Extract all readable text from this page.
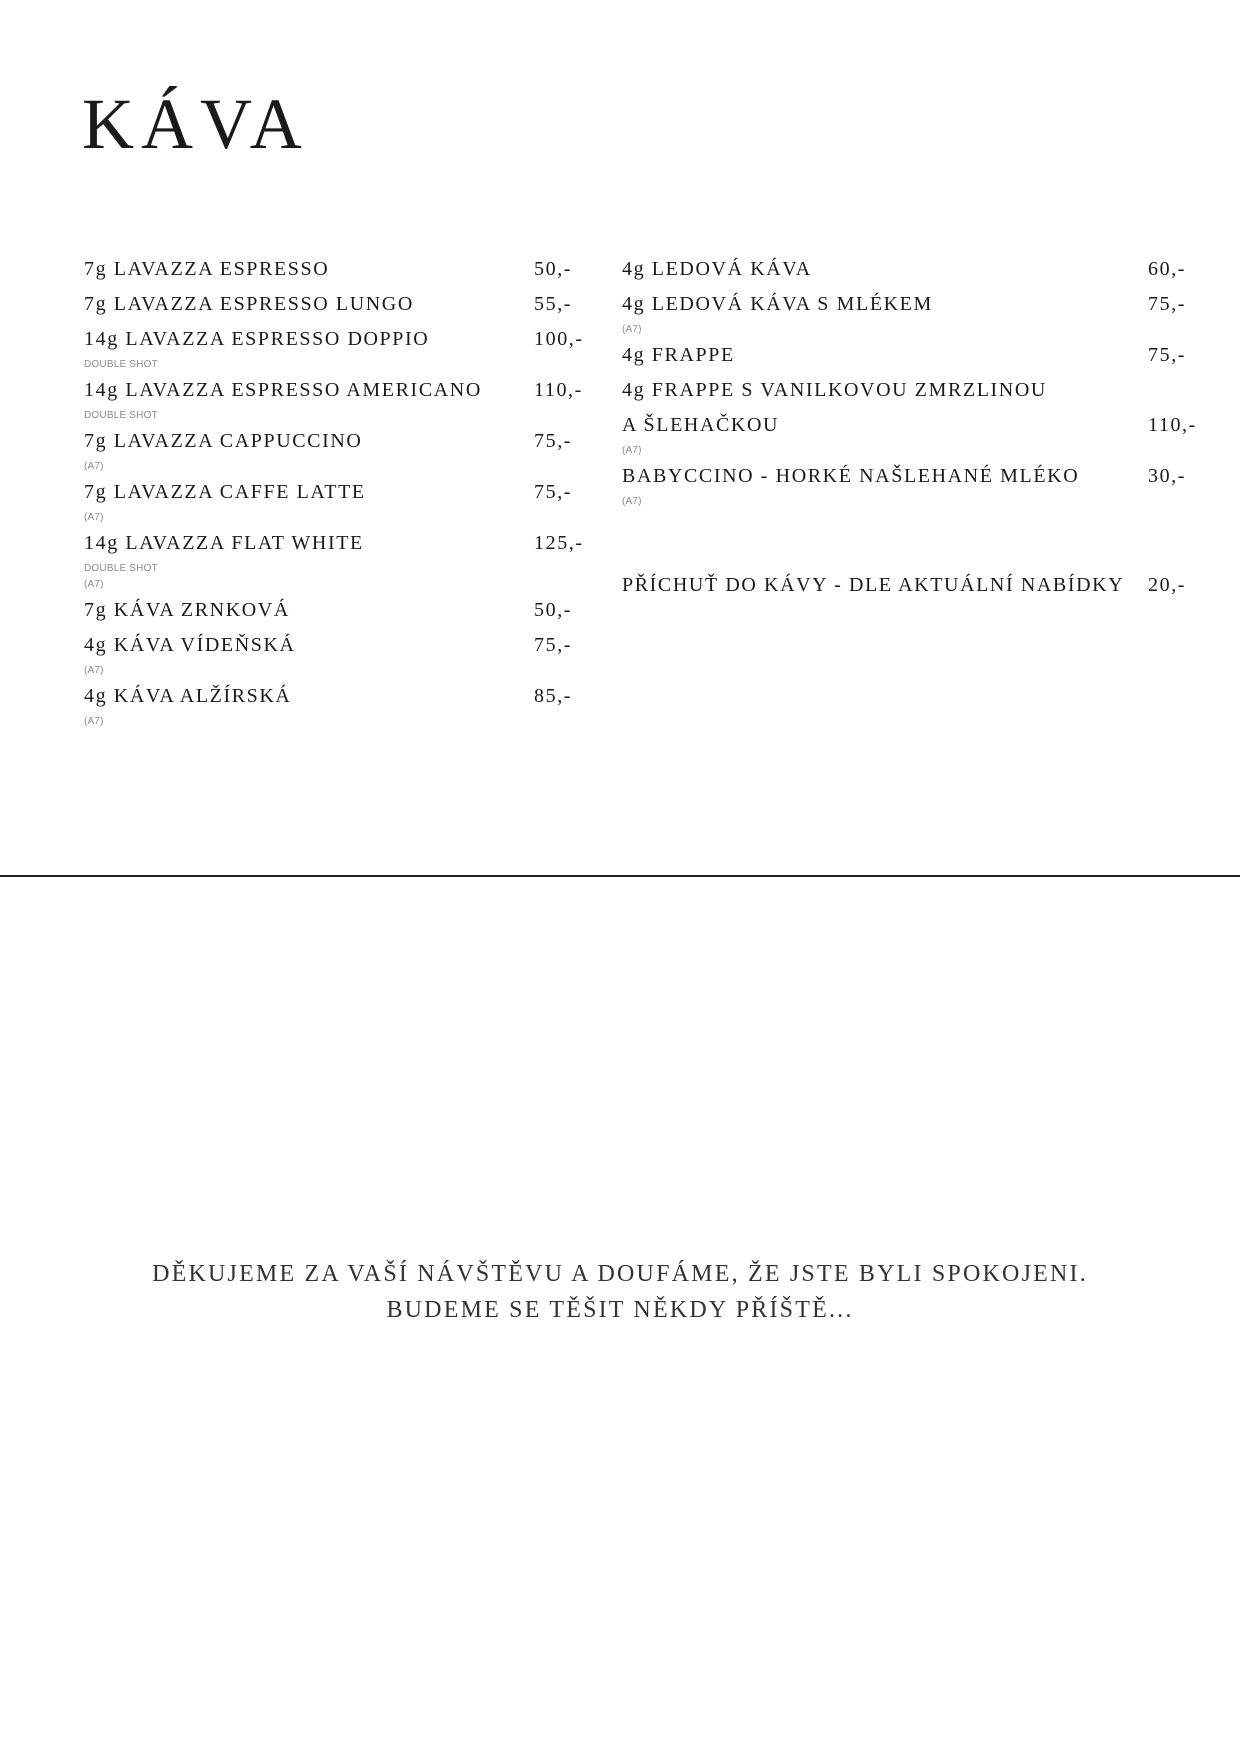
KÁVA
7g LAVAZZA ESPRESSO	50,-
7g LAVAZZA ESPRESSO LUNGO	55,-
14g LAVAZZA ESPRESSO DOPPIO	100,-
DOUBLE SHOT
14g LAVAZZA ESPRESSO AMERICANO	110,-
DOUBLE SHOT
7g LAVAZZA CAPPUCCINO	75,-
(A7)
7g LAVAZZA CAFFE LATTE	75,-
(A7)
14g LAVAZZA FLAT WHITE	125,-
DOUBLE SHOT
(A7)
7g KÁVA ZRNKOVÁ	50,-
4g KÁVA VÍDEŇSKÁ	75,-
(A7)
4g KÁVA ALŽÍRSKÁ	85,-
(A7)
4g LEDOVÁ KÁVA	60,-
4g LEDOVÁ KÁVA S MLÉKEM	75,-
(A7)
4g FRAPPE	75,-
4g FRAPPE S VANILKOVOU ZMRZLINOU
A ŠLEHAČKOU	110,-
(A7)
BABYCCINO - HORKÉ NAŠLEHANÉ MLÉKO	30,-
(A7)
PŘÍCHUŤ DO KÁVY - DLE AKTUÁLNÍ NABÍDKY 20,-
DĚKUJEME ZA VAŠÍ NÁVŠTĚVU A DOUFÁME, ŽE JSTE BYLI SPOKOJENI.
BUDEME SE TĚŠIT NĚKDY PŘÍŠTĚ...
